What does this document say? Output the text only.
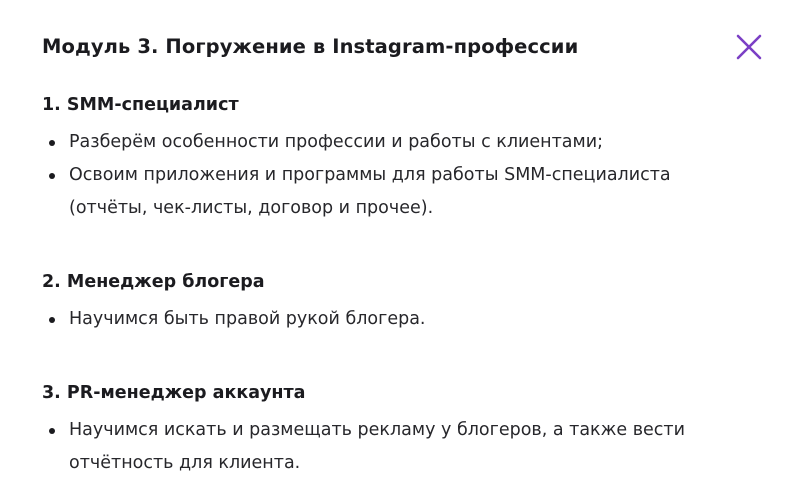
Модуль 3. Погружение в Instagram-профессии
1. SMM-специалист
Разберём особенности профессии и работы с клиентами;
Освоим приложения и программы для работы SMM-специалиста (отчёты, чек-листы, договор и прочее).
2. Менеджер блогера
Научимся быть правой рукой блогера.
3. PR-менеджер аккаунта
Научимся искать и размещать рекламу у блогеров, а также вести отчётность для клиента.
